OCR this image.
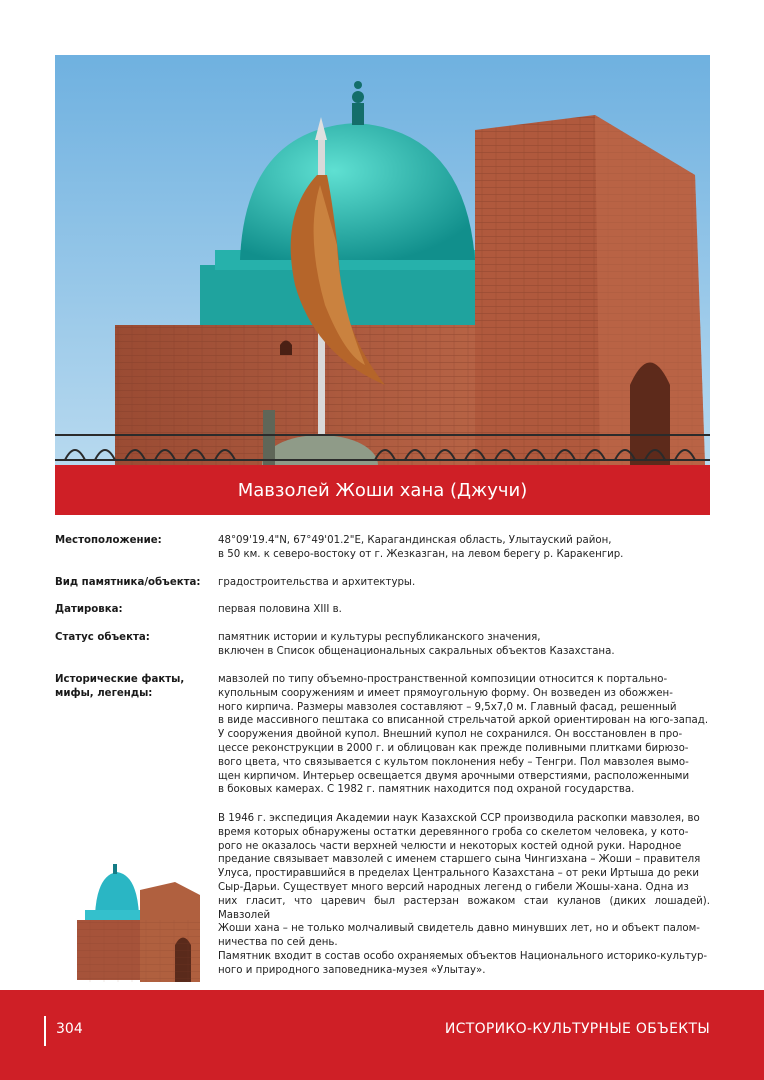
Мавзолей Жоши хана (Джучи)
Местоположение:	48°09'19.4"N, 67°49'01.2"E, Карагандинская область, Улытауский район,
в 50 км. к северо-востоку от г. Жезказган, на левом берегу р. Каракенгир.
Вид памятника/объекта:	градостроительства и архитектуры.
Датировка:	первая половина XIII в.
Статус объекта:	памятник истории и культуры республиканского значения,
включен в Список общенациональных сакральных объектов Казахстана.
Исторические факты,
мифы, легенды:
мавзолей по типу объемно-пространственной композиции относится к портально-
купольным сооружениям и имеет прямоугольную форму. Он возведен из обожжен-
ного кирпича. Размеры мавзолея составляют – 9,5х7,0 м. Главный фасад, решенный
в виде массивного пештака со вписанной стрельчатой аркой ориентирован на юго-запад.
У сооружения двойной купол. Внешний купол не сохранился. Он восстановлен в про-
цессе реконструкции в 2000 г. и облицован как прежде поливными плитками бирюзо-
вого цвета, что связывается с культом поклонения небу – Тенгри. Пол мавзолея вымо-
щен кирпичом. Интерьер освещается двумя арочными отверстиями, расположенными
в боковых камерах. С 1982 г. памятник находится под охраной государства.
В 1946 г. экспедиция Академии наук Казахской ССР производила раскопки мавзолея, во
время которых обнаружены остатки деревянного гроба со скелетом человека, у кото-
рого не оказалось части верхней челюсти и некоторых костей одной руки. Народное
предание связывает мавзолей с именем старшего сына Чингизхана – Жоши – правителя
Улуса, простиравшийся в пределах Центрального Казахстана – от реки Иртыша до реки
Сыр-Дарьи. Существует много версий народных легенд о гибели Жошы-хана. Одна из
них гласит, что царевич был растерзан вожаком стаи куланов (диких лошадей). Мавзолей
Жоши хана – не только молчаливый свидетель давно минувших лет, но и объект палом-
ничества по сей день.
Памятник входит в состав особо охраняемых объектов Национального историко-культур-
ного и природного заповедника-музея «Улытау».
304	ИСТОРИКО-КУЛЬТУРНЫЕ ОБЪЕКТЫ
